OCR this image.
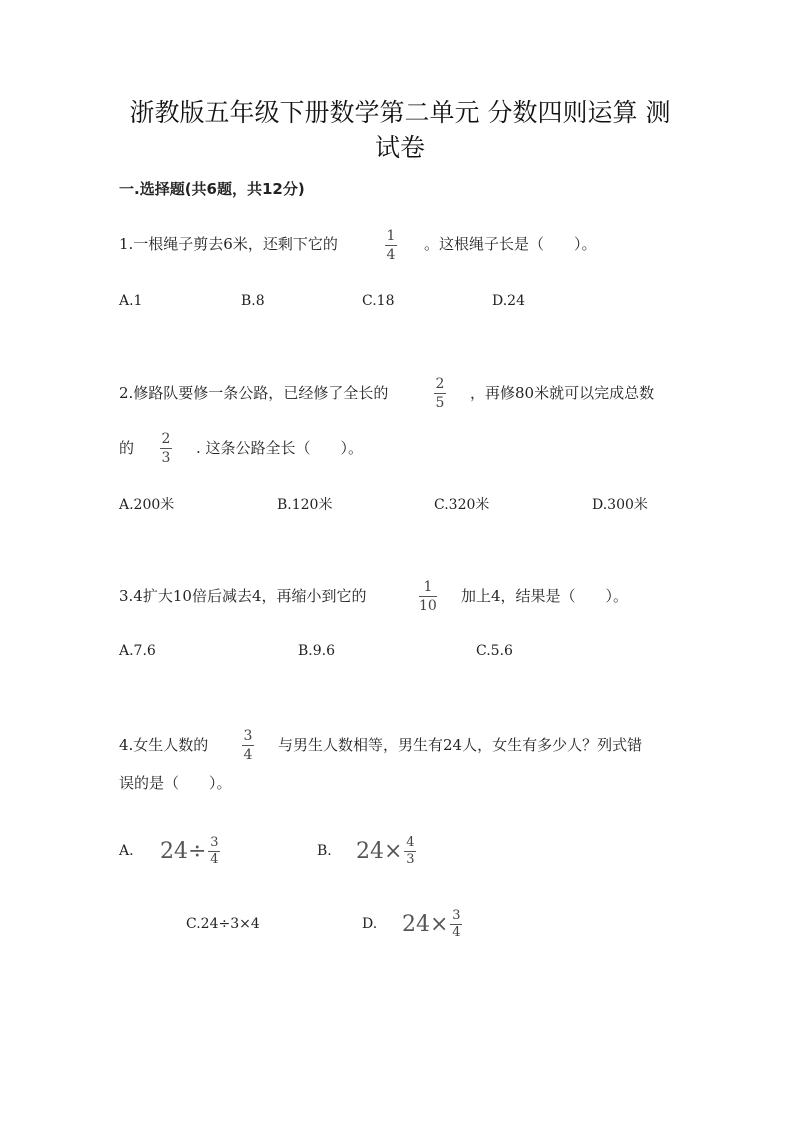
浙教版五年级下册数学第二单元 分数四则运算 测
试卷
一.选择题(共6题，共12分)
1.一根绳子剪去6米，还剩下它的	1
4
。这根绳子长是（　　）。
A.1	B.8	C.18	D.24
2.修路队要修一条公路，已经修了全长的	2
5
，再修80米就可以完成总数
的 2
3
. 这条公路全长（　　）。
A.200米	B.120米	C.320米	D.300米
3.4扩大10倍后减去4，再缩小到它的	1
10
加上4，结果是（　　）。
A.7.6	B.9.6	C.5.6
4.女生人数的	3
4
与男生人数相等，男生有24人，女生有多少人？列式错
误的是（　　）。
A. $24\div \frac{3}{4}$	B. $24\times \frac{4}{3}$
C.24÷3×4	D. $24\times \frac{3}{4}$
